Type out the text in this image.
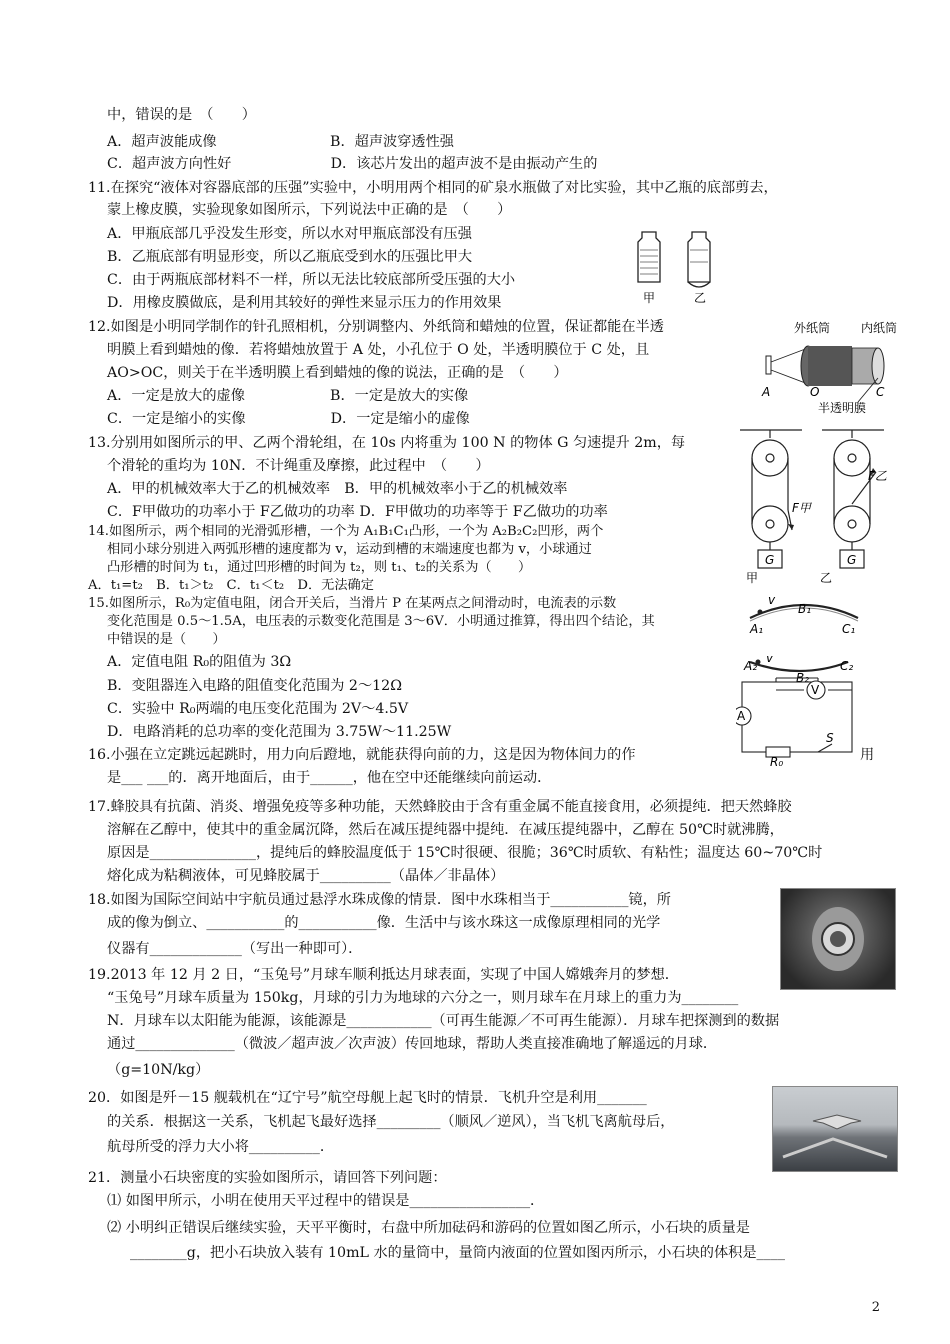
中，错误的是　（　　）
A．超声波能成像　　　　　　　　B．超声波穿透性强
C．超声波方向性好　　　　　　　D．该芯片发出的超声波不是由振动产生的
11.在探究“液体对容器底部的压强”实验中，小明用两个相同的矿泉水瓶做了对比实验，其中乙瓶的底部剪去，
蒙上橡皮膜，实验现象如图所示，下列说法中正确的是　（　　）
A．甲瓶底部几乎没发生形变，所以水对甲瓶底部没有压强
B．乙瓶底部有明显形变，所以乙瓶底受到水的压强比甲大
C．由于两瓶底部材料不一样，所以无法比较底部所受压强的大小
D．用橡皮膜做底，是利用其较好的弹性来显示压力的作用效果
12.如图是小明同学制作的针孔照相机，分别调整内、外纸筒和蜡烛的位置，保证都能在半透
明膜上看到蜡烛的像．若将蜡烛放置于 A 处，小孔位于 O 处，半透明膜位于 C 处，且
AO>OC，则关于在半透明膜上看到蜡烛的像的说法，正确的是　（　　）
A．一定是放大的虚像　　　　　　B．一定是放大的实像
C．一定是缩小的实像　　　　　　D．一定是缩小的虚像
13.分别用如图所示的甲、乙两个滑轮组，在 10s 内将重为 100 N 的物体 G 匀速提升 2m，每
个滑轮的重均为 10N．不计绳重及摩擦，此过程中　（　　）
A．甲的机械效率大于乙的机械效率　B．甲的机械效率小于乙的机械效率
C．F甲做功的功率小于 F乙做功的功率 D．F甲做功的功率等于 F乙做功的功率
14.如图所示，两个相同的光滑弧形槽，一个为 A₁B₁C₁凸形，一个为 A₂B₂C₂凹形，两个
相同小球分别进入两弧形槽的速度都为 v，运动到槽的末端速度也都为 v，小球通过
凸形槽的时间为 t₁，通过凹形槽的时间为 t₂，则 t₁、t₂的关系为（　　）
A．t₁=t₂　B．t₁＞t₂　C．t₁＜t₂　D．无法确定
15.如图所示，R₀为定值电阻，闭合开关后，当滑片 P 在某两点之间滑动时，电流表的示数
变化范围是 0.5～1.5A，电压表的示数变化范围是 3～6V．小明通过推算，得出四个结论，其
中错误的是（　　）
A．定值电阻 R₀的阻值为 3Ω
B．变阻器连入电路的阻值变化范围为 2～12Ω
C．实验中 R₀两端的电压变化范围为 2V～4.5V
D．电路消耗的总功率的变化范围为 3.75W～11.25W
16.小强在立定跳远起跳时，用力向后蹬地，就能获得向前的力，这是因为物体间力的作	用
是___ ___的．离开地面后，由于______，他在空中还能继续向前运动．
17.蜂胶具有抗菌、消炎、增强免疫等多种功能，天然蜂胶由于含有重金属不能直接食用，必须提纯．把天然蜂胶
溶解在乙醇中，使其中的重金属沉降，然后在减压提纯器中提纯．在减压提纯器中，乙醇在 50℃时就沸腾，
原因是_______________，提纯后的蜂胶温度低于 15℃时很硬、很脆；36℃时质软、有粘性；温度达 60~70℃时
熔化成为粘稠液体，可见蜂胶属于__________（晶体／非晶体）
18.如图为国际空间站中宇航员通过悬浮水珠成像的情景．图中水珠相当于___________镜，所
成的像为倒立、___________的___________像．生活中与该水珠这一成像原理相同的光学
仪器有_____________（写出一种即可）．
19.2013 年 12 月 2 日，“玉兔号”月球车顺利抵达月球表面，实现了中国人嫦娥奔月的梦想．
“玉兔号”月球车质量为 150kg，月球的引力为地球的六分之一，则月球车在月球上的重力为________
N．月球车以太阳能为能源，该能源是____________（可再生能源／不可再生能源）．月球车把探测到的数据
通过______________（微波／超声波／次声波）传回地球，帮助人类直接准确地了解遥远的月球．
（g=10N/kg）
20．如图是歼－15 舰载机在“辽宁号”航空母舰上起飞时的情景．飞机升空是利用_______
的关系．根据这一关系，飞机起飞最好选择_________（顺风／逆风），当飞机飞离航母后，
航母所受的浮力大小将__________．
21．测量小石块密度的实验如图所示，请回答下列问题：
⑴ 如图甲所示，小明在使用天平过程中的错误是_________________．
⑵ 小明纠正错误后继续实验，天平平衡时，右盘中所加砝码和游码的位置如图乙所示，小石块的质量是
________g，把小石块放入装有 10mL 水的量筒中，量筒内液面的位置如图丙所示，小石块的体积是____
2
甲	乙
外纸筒	内纸筒
A	O	C
半透明膜
F甲
F乙
G	G
甲	乙
v
A₁
B₁
C₁
v
A₂
B₂
C₂
V
A
R₀
S
